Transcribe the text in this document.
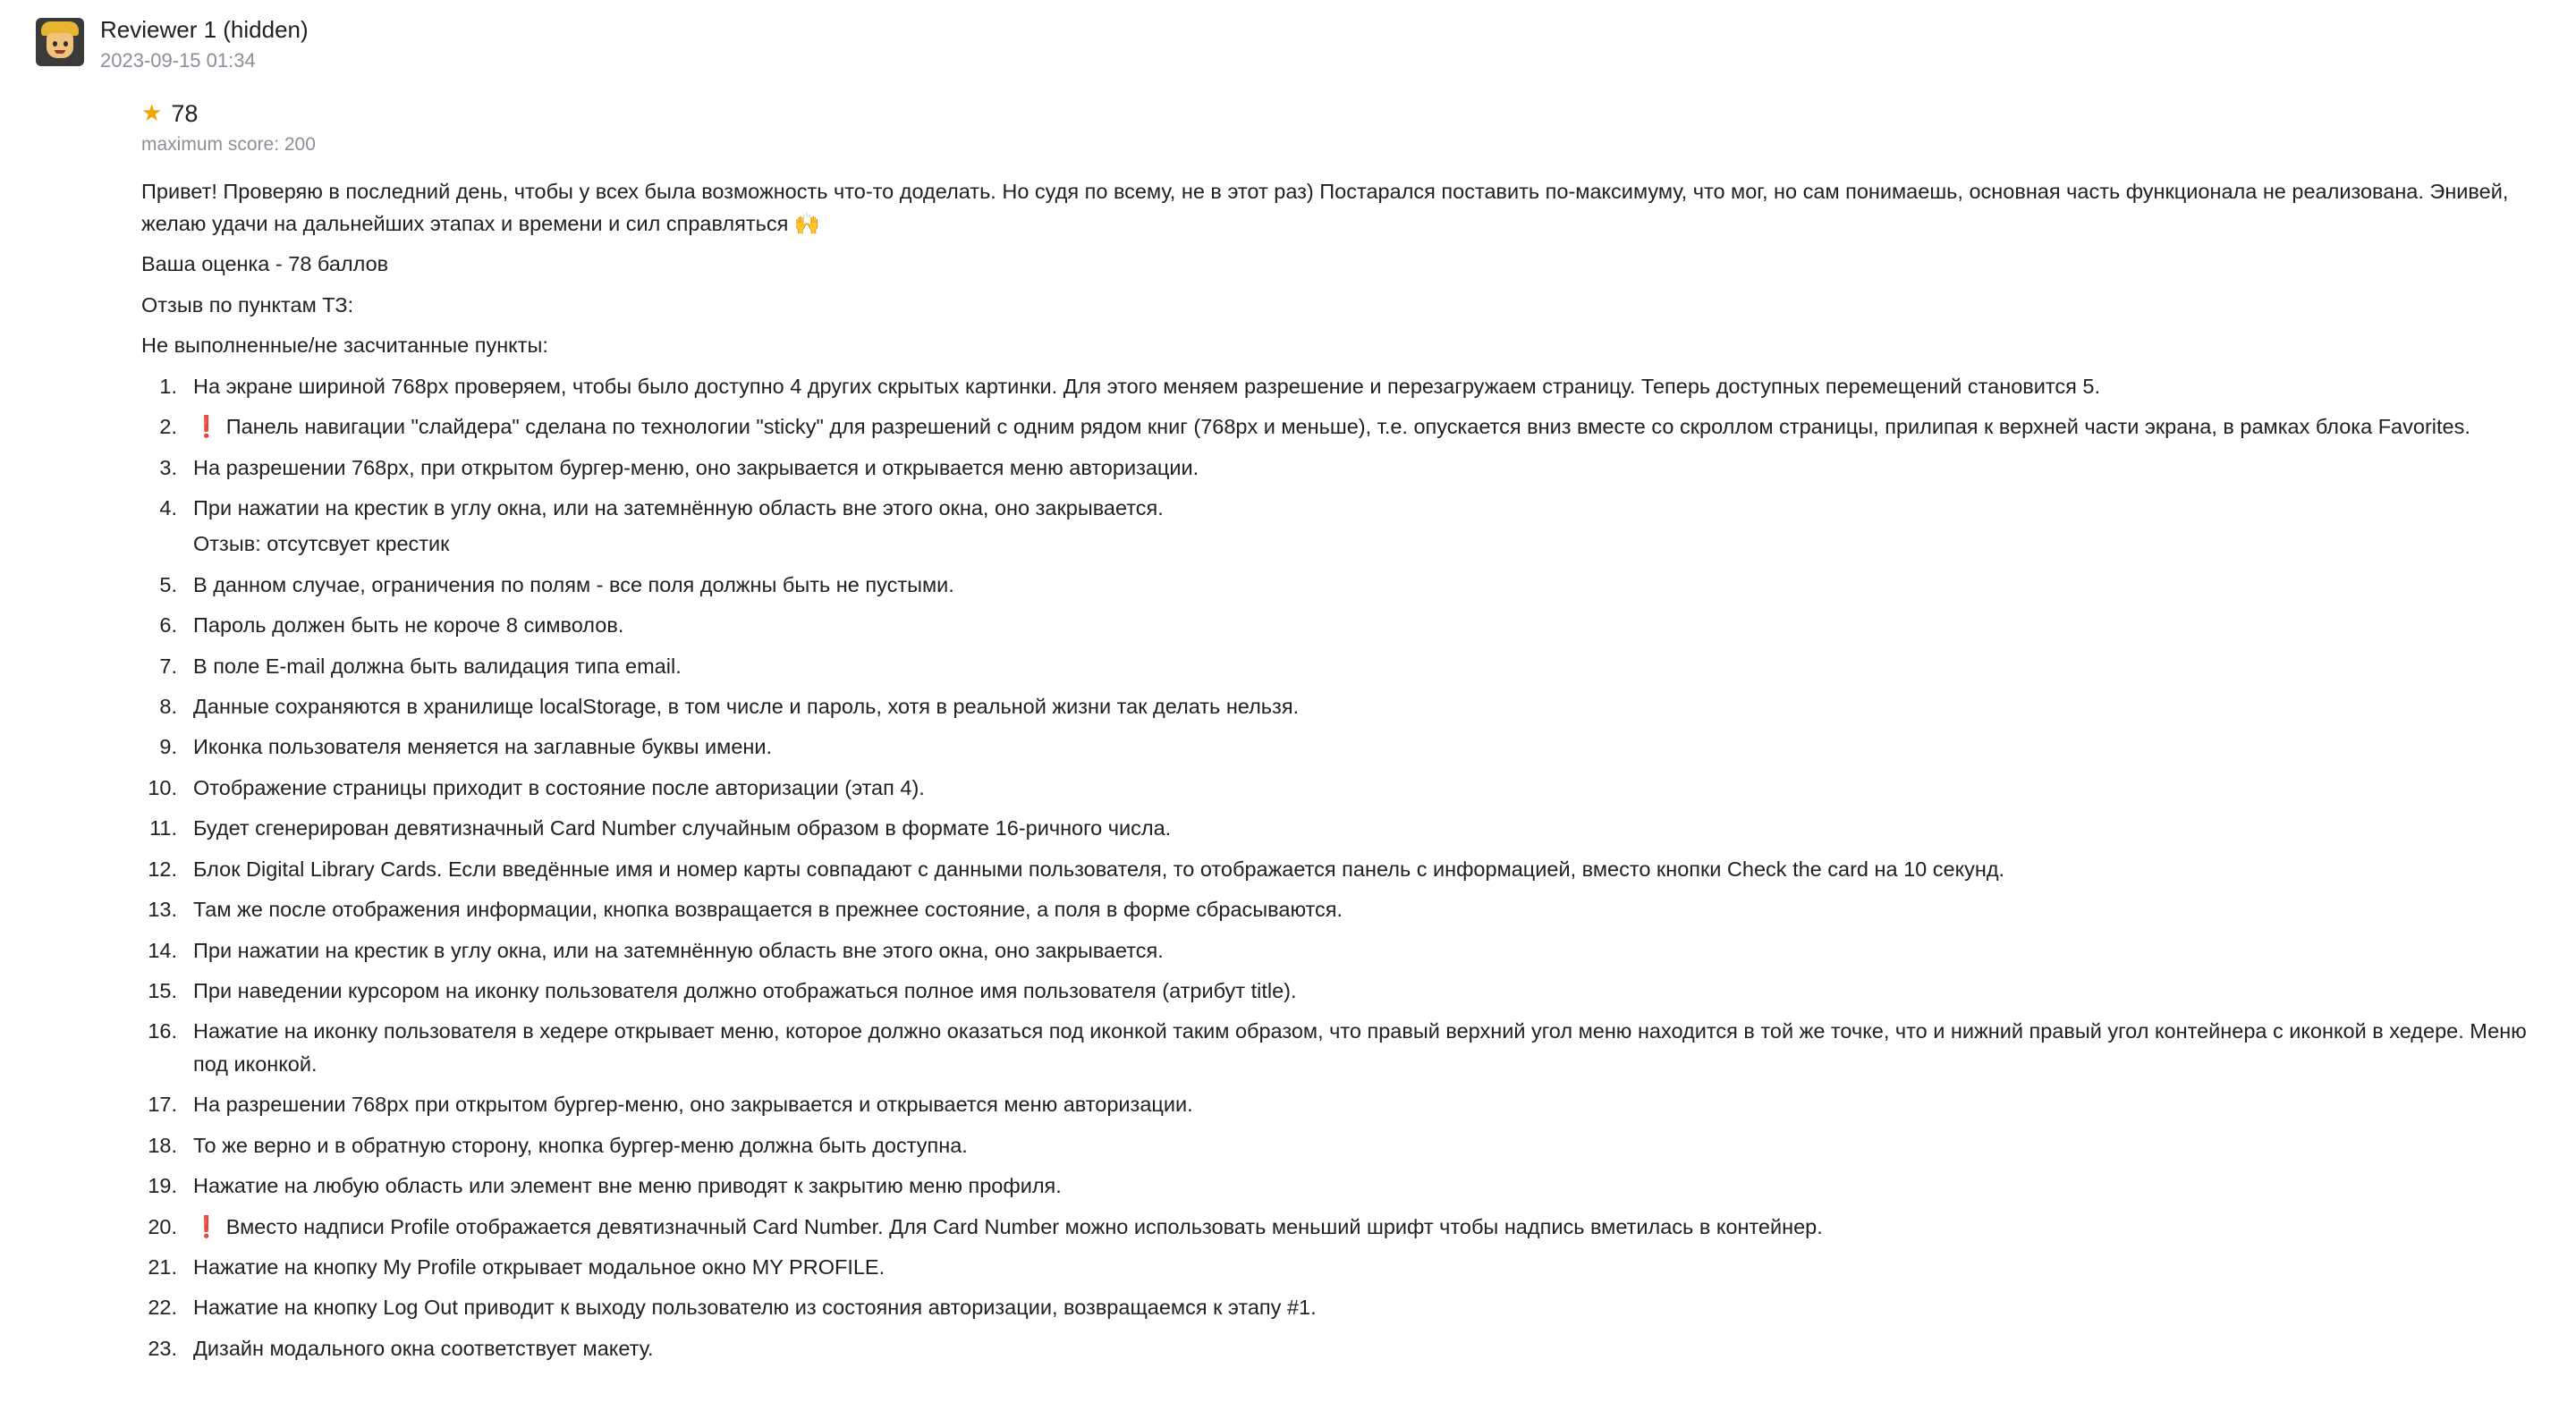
Reviewer 1 (hidden)
2023-09-15 01:34
★ 78
maximum score: 200

Привет! Проверяю в последний день, чтобы у всех была возможность что-то доделать. Но судя по всему, не в этот раз) Постарался поставить по-максимуму, что мог, но сам понимаешь, основная часть функционала не реализована. Энивей, желаю удачи на дальнейших этапах и времени и сил справляться 🙌

Ваша оценка - 78 баллов

Отзыв по пунктам ТЗ:

Не выполненные/не засчитанные пункты:

На экране шириной 768px проверяем, чтобы было доступно 4 других скрытых картинки. Для этого меняем разрешение и перезагружаем страницу. Теперь доступных перемещений становится 5.
❗ Панель навигации "слайдера" сделана по технологии "sticky" для разрешений с одним рядом книг (768px и меньше), т.е. опускается вниз вместе со скроллом страницы, прилипая к верхней части экрана, в рамках блока Favorites.
На разрешении 768px, при открытом бургер-меню, оно закрывается и открывается меню авторизации.
При нажатии на крестик в углу окна, или на затемнённую область вне этого окна, оно закрывается.
Отзыв: отсутсвует крестик
В данном случае, ограничения по полям - все поля должны быть не пустыми.
Пароль должен быть не короче 8 символов.
В поле E-mail должна быть валидация типа email.
Данные сохраняются в хранилище localStorage, в том числе и пароль, хотя в реальной жизни так делать нельзя.
Иконка пользователя меняется на заглавные буквы имени.
Отображение страницы приходит в состояние после авторизации (этап 4).
Будет сгенерирован девятизначный Card Number случайным образом в формате 16-ричного числа.
Блок Digital Library Cards. Если введённые имя и номер карты совпадают с данными пользователя, то отображается панель с информацией, вместо кнопки Check the card на 10 секунд.
Там же после отображения информации, кнопка возвращается в прежнее состояние, а поля в форме сбрасываются.
При нажатии на крестик в углу окна, или на затемнённую область вне этого окна, оно закрывается.
При наведении курсором на иконку пользователя должно отображаться полное имя пользователя (атрибут title).
Нажатие на иконку пользователя в хедере открывает меню, которое должно оказаться под иконкой таким образом, что правый верхний угол меню находится в той же точке, что и нижний правый угол контейнера с иконкой в хедере. Меню под иконкой.
На разрешении 768px при открытом бургер-меню, оно закрывается и открывается меню авторизации.
То же верно и в обратную сторону, кнопка бургер-меню должна быть доступна.
Нажатие на любую область или элемент вне меню приводят к закрытию меню профиля.
❗ Вместо надписи Profile отображается девятизначный Card Number. Для Card Number можно использовать меньший шрифт чтобы надпись вметилась в контейнер.
Нажатие на кнопку My Profile открывает модальное окно MY PROFILE.
Нажатие на кнопку Log Out приводит к выходу пользователю из состояния авторизации, возвращаемся к этапу #1.
Дизайн модального окна соответствует макету.
